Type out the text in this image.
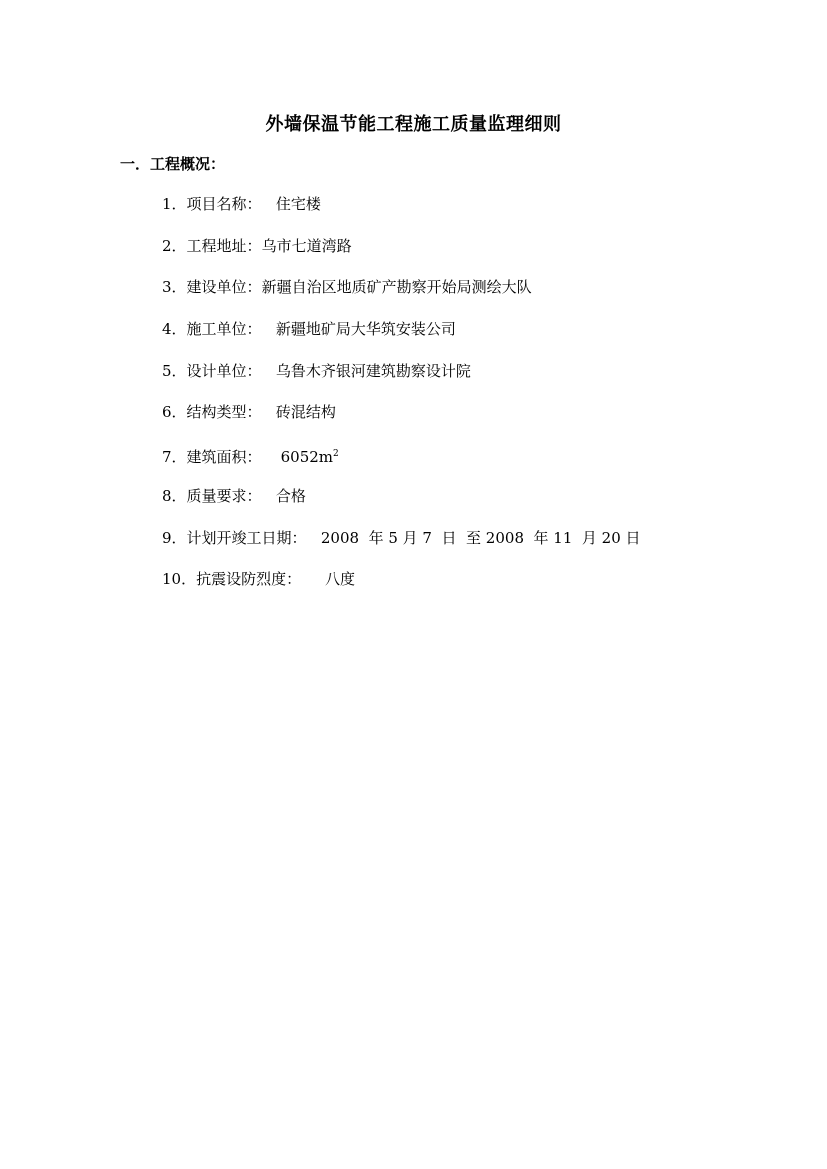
外墙保温节能工程施工质量监理细则
一．工程概况：
1．项目名称：   住宅楼
2．工程地址：乌市七道湾路
3．建设单位：新疆自治区地质矿产勘察开始局测绘大队
4．施工单位：   新疆地矿局大华筑安装公司
5．设计单位：   乌鲁木齐银河建筑勘察设计院
6．结构类型：   砖混结构
7．建筑面积：    $6052m^2$
8．质量要求：   合格
9．计划开竣工日期：   2008  年 5 月 7  日  至 2008  年 11  月 20 日
10．抗震设防烈度：     八度
